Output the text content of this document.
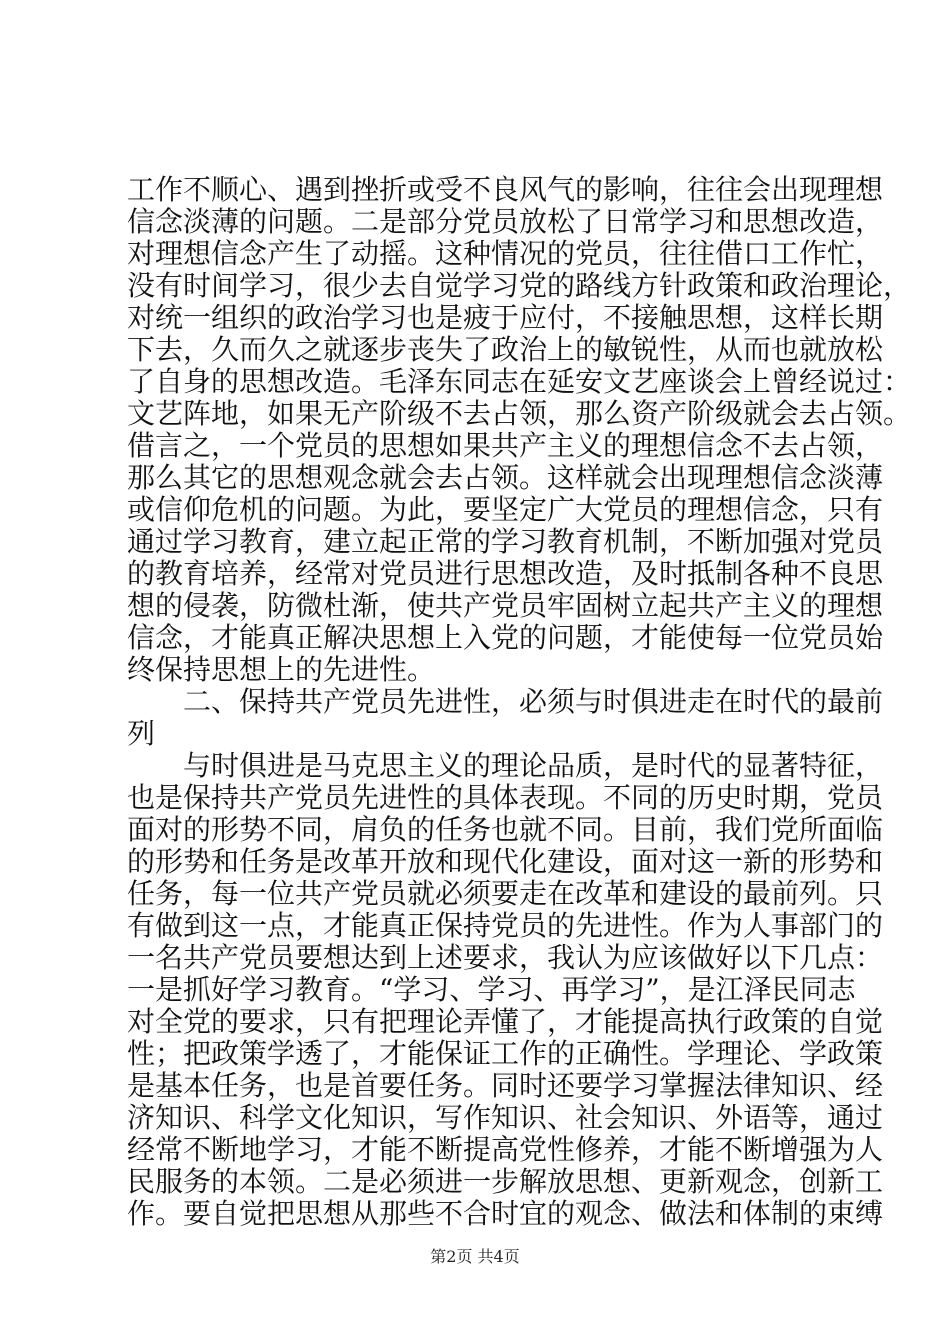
工作不顺心、遇到挫折或受不良风气的影响，往往会出现理想
信念淡薄的问题。二是部分党员放松了日常学习和思想改造，
对理想信念产生了动摇。这种情况的党员，往往借口工作忙，
没有时间学习，很少去自觉学习党的路线方针政策和政治理论，
对统一组织的政治学习也是疲于应付，不接触思想，这样长期
下去，久而久之就逐步丧失了政治上的敏锐性，从而也就放松
了自身的思想改造。毛泽东同志在延安文艺座谈会上曾经说过：
文艺阵地，如果无产阶级不去占领，那么资产阶级就会去占领。
借言之，一个党员的思想如果共产主义的理想信念不去占领，
那么其它的思想观念就会去占领。这样就会出现理想信念淡薄
或信仰危机的问题。为此，要坚定广大党员的理想信念，只有
通过学习教育，建立起正常的学习教育机制，不断加强对党员
的教育培养，经常对党员进行思想改造，及时抵制各种不良思
想的侵袭，防微杜渐，使共产党员牢固树立起共产主义的理想
信念，才能真正解决思想上入党的问题，才能使每一位党员始
终保持思想上的先进性。
二、保持共产党员先进性，必须与时俱进走在时代的最前
列
与时俱进是马克思主义的理论品质，是时代的显著特征，
也是保持共产党员先进性的具体表现。不同的历史时期，党员
面对的形势不同，肩负的任务也就不同。目前，我们党所面临
的形势和任务是改革开放和现代化建设，面对这一新的形势和
任务，每一位共产党员就必须要走在改革和建设的最前列。只
有做到这一点，才能真正保持党员的先进性。作为人事部门的
一名共产党员要想达到上述要求，我认为应该做好以下几点：
一是抓好学习教育。“学习、学习、再学习”，是江泽民同志
对全党的要求，只有把理论弄懂了，才能提高执行政策的自觉
性；把政策学透了，才能保证工作的正确性。学理论、学政策
是基本任务，也是首要任务。同时还要学习掌握法律知识、经
济知识、科学文化知识，写作知识、社会知识、外语等，通过
经常不断地学习，才能不断提高党性修养，才能不断增强为人
民服务的本领。二是必须进一步解放思想、更新观念，创新工
作。要自觉把思想从那些不合时宜的观念、做法和体制的束缚
第2页 共4页
